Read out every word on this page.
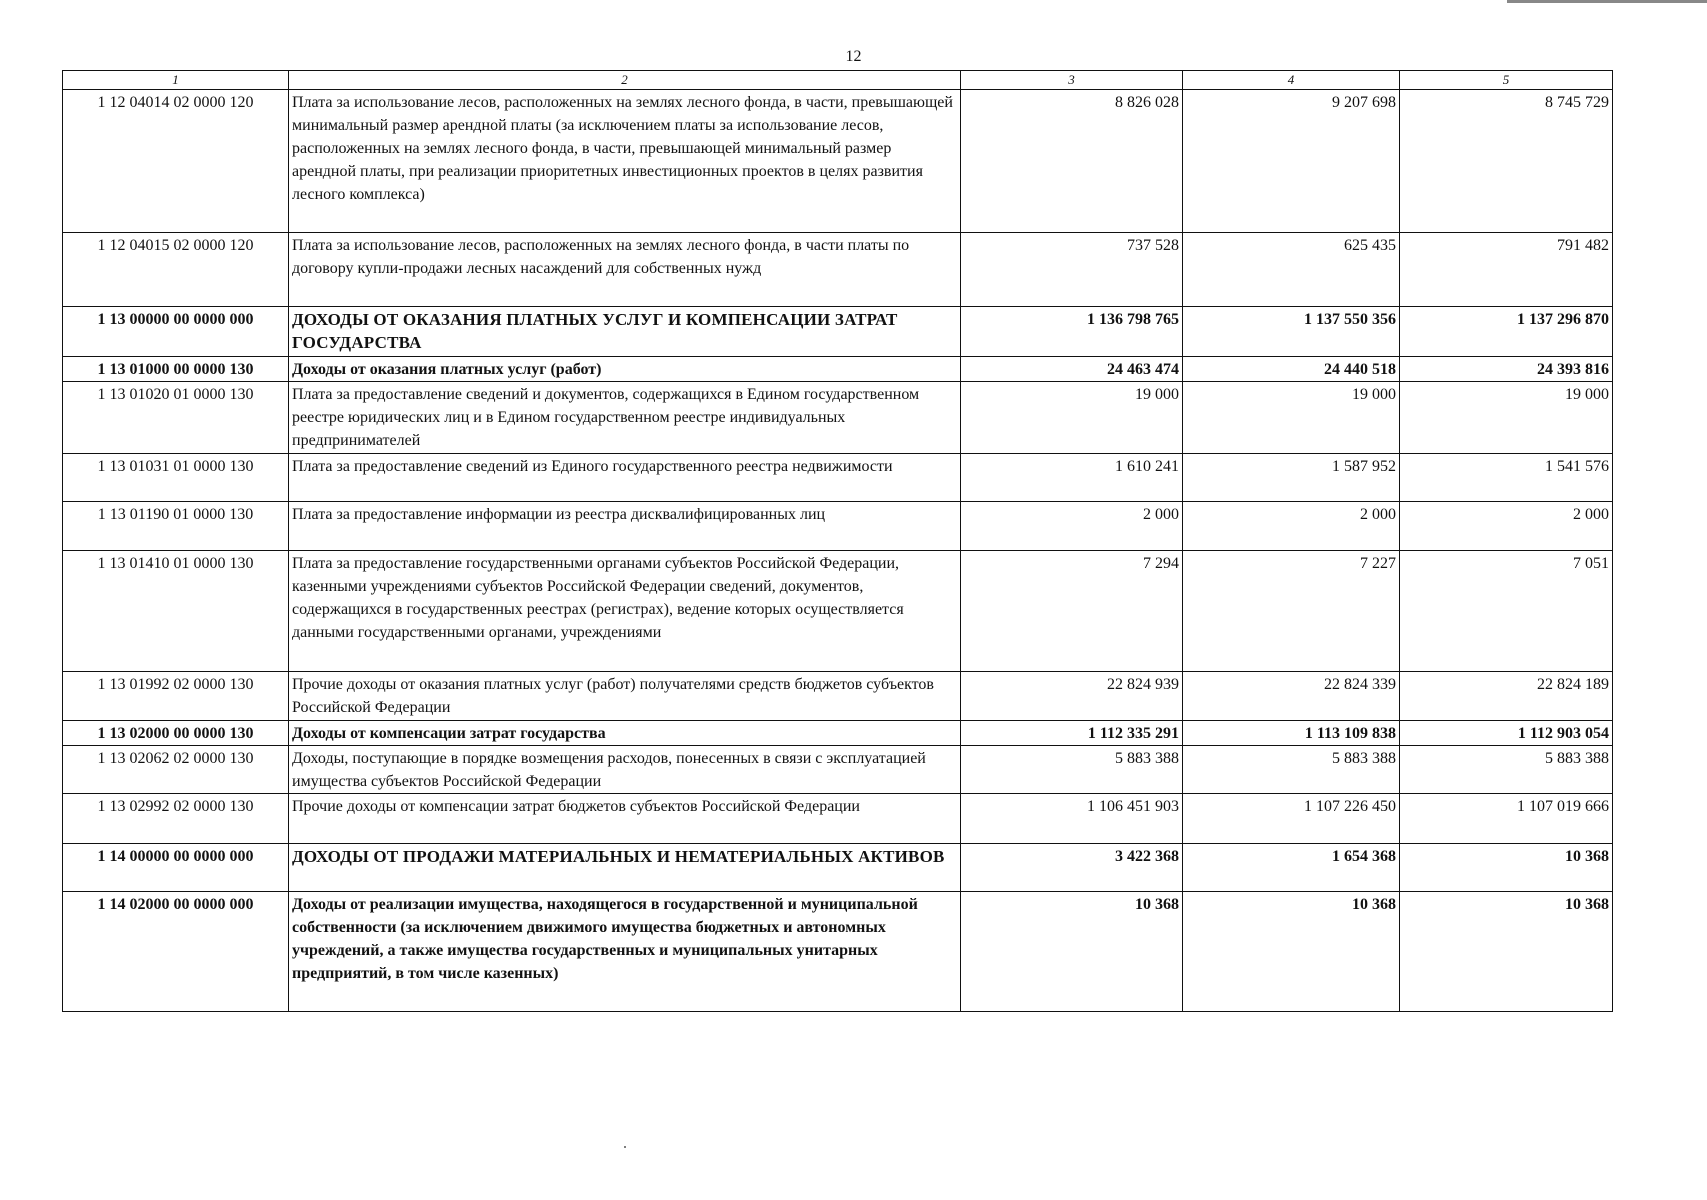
12
1	2	3	4	5
1 12 04014 02 0000 120	Плата за использование лесов, расположенных на землях лесного фонда, в части, превышающей минимальный размер арендной платы (за исключением платы за использование лесов, расположенных на землях лесного фонда, в части, превышающей минимальный размер арендной платы, при реализации приоритетных инвестиционных проектов в целях развития лесного комплекса)	8 826 028	9 207 698	8 745 729
1 12 04015 02 0000 120	Плата за использование лесов, расположенных на землях лесного фонда, в части платы по договору купли-продажи лесных насаждений для собственных нужд	737 528	625 435	791 482
1 13 00000 00 0000 000	ДОХОДЫ ОТ ОКАЗАНИЯ ПЛАТНЫХ УСЛУГ И КОМПЕНСАЦИИ ЗАТРАТ ГОСУДАРСТВА	1 136 798 765	1 137 550 356	1 137 296 870
1 13 01000 00 0000 130	Доходы от оказания платных услуг (работ)	24 463 474	24 440 518	24 393 816
1 13 01020 01 0000 130	Плата за предоставление сведений и документов, содержащихся в Едином государственном реестре юридических лиц и в Едином государственном реестре индивидуальных предпринимателей	19 000	19 000	19 000
1 13 01031 01 0000 130	Плата за предоставление сведений из Единого государственного реестра недвижимости	1 610 241	1 587 952	1 541 576
1 13 01190 01 0000 130	Плата за предоставление информации из реестра дисквалифицированных лиц	2 000	2 000	2 000
1 13 01410 01 0000 130	Плата за предоставление государственными органами субъектов Российской Федерации, казенными учреждениями субъектов Российской Федерации сведений, документов, содержащихся в государственных реестрах (регистрах), ведение которых осуществляется данными государственными органами, учреждениями	7 294	7 227	7 051
1 13 01992 02 0000 130	Прочие доходы от оказания платных услуг (работ) получателями средств бюджетов субъектов Российской Федерации	22 824 939	22 824 339	22 824 189
1 13 02000 00 0000 130	Доходы от компенсации затрат государства	1 112 335 291	1 113 109 838	1 112 903 054
1 13 02062 02 0000 130	Доходы, поступающие в порядке возмещения расходов, понесенных в связи с эксплуатацией имущества субъектов Российской Федерации	5 883 388	5 883 388	5 883 388
1 13 02992 02 0000 130	Прочие доходы от компенсации затрат бюджетов субъектов Российской Федерации	1 106 451 903	1 107 226 450	1 107 019 666
1 14 00000 00 0000 000	ДОХОДЫ ОТ ПРОДАЖИ МАТЕРИАЛЬНЫХ И НЕМАТЕРИАЛЬНЫХ АКТИВОВ	3 422 368	1 654 368	10 368
1 14 02000 00 0000 000	Доходы от реализации имущества, находящегося в государственной и муниципальной собственности (за исключением движимого имущества бюджетных и автономных учреждений, а также имущества государственных и муниципальных унитарных предприятий, в том числе казенных)	10 368	10 368	10 368
